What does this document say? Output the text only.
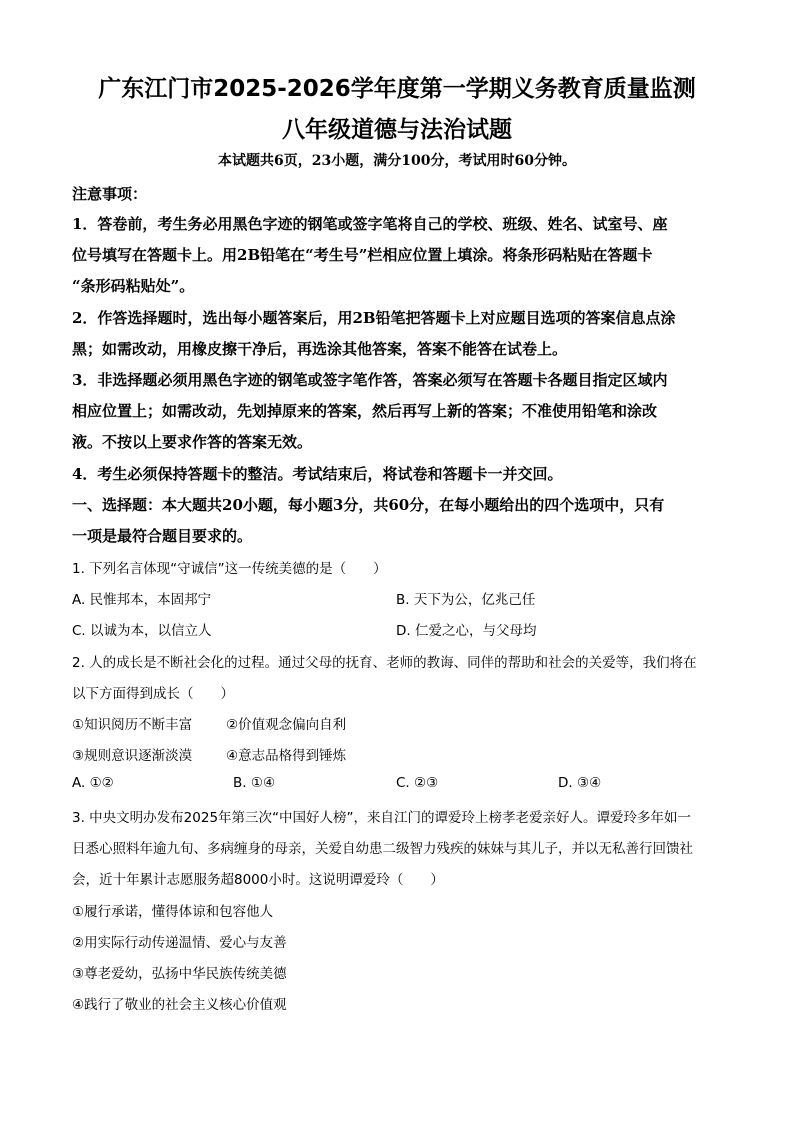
广东江门市2025-2026学年度第一学期义务教育质量监测
八年级道德与法治试题
本试题共6页，23小题，满分100分，考试用时60分钟。
注意事项：
1．答卷前，考生务必用黑色字迹的钢笔或签字笔将自己的学校、班级、姓名、试室号、座
位号填写在答题卡上。用2B铅笔在“考生号”栏相应位置上填涂。将条形码粘贴在答题卡
“条形码粘贴处”。
2．作答选择题时，选出每小题答案后，用2B铅笔把答题卡上对应题目选项的答案信息点涂
黑；如需改动，用橡皮擦干净后，再选涂其他答案，答案不能答在试卷上。
3．非选择题必须用黑色字迹的钢笔或签字笔作答，答案必须写在答题卡各题目指定区域内
相应位置上；如需改动，先划掉原来的答案，然后再写上新的答案；不准使用铅笔和涂改
液。不按以上要求作答的答案无效。
4．考生必须保持答题卡的整洁。考试结束后，将试卷和答题卡一并交回。
一、选择题：本大题共20小题，每小题3分，共60分，在每小题给出的四个选项中，只有
一项是最符合题目要求的。
1. 下列名言体现“守诚信”这一传统美德的是（　　）
A. 民惟邦本，本固邦宁	B. 天下为公，亿兆己任
C. 以诚为本，以信立人	D. 仁爱之心，与父母均
2. 人的成长是不断社会化的过程。通过父母的抚育、老师的教诲、同伴的帮助和社会的关爱等，我们将在
以下方面得到成长（　　）
①知识阅历不断丰富	②价值观念偏向自利
③规则意识逐渐淡漠	④意志品格得到锤炼
A. ①②	B. ①④	C. ②③	D. ③④
3. 中央文明办发布2025年第三次“中国好人榜”，来自江门的谭爱玲上榜孝老爱亲好人。谭爱玲多年如一
日悉心照料年逾九旬、多病缠身的母亲，关爱自幼患二级智力残疾的妹妹与其儿子，并以无私善行回馈社
会，近十年累计志愿服务超8000小时。这说明谭爱玲（　　）
①履行承诺，懂得体谅和包容他人
②用实际行动传递温情、爱心与友善
③尊老爱幼，弘扬中华民族传统美德
④践行了敬业的社会主义核心价值观
